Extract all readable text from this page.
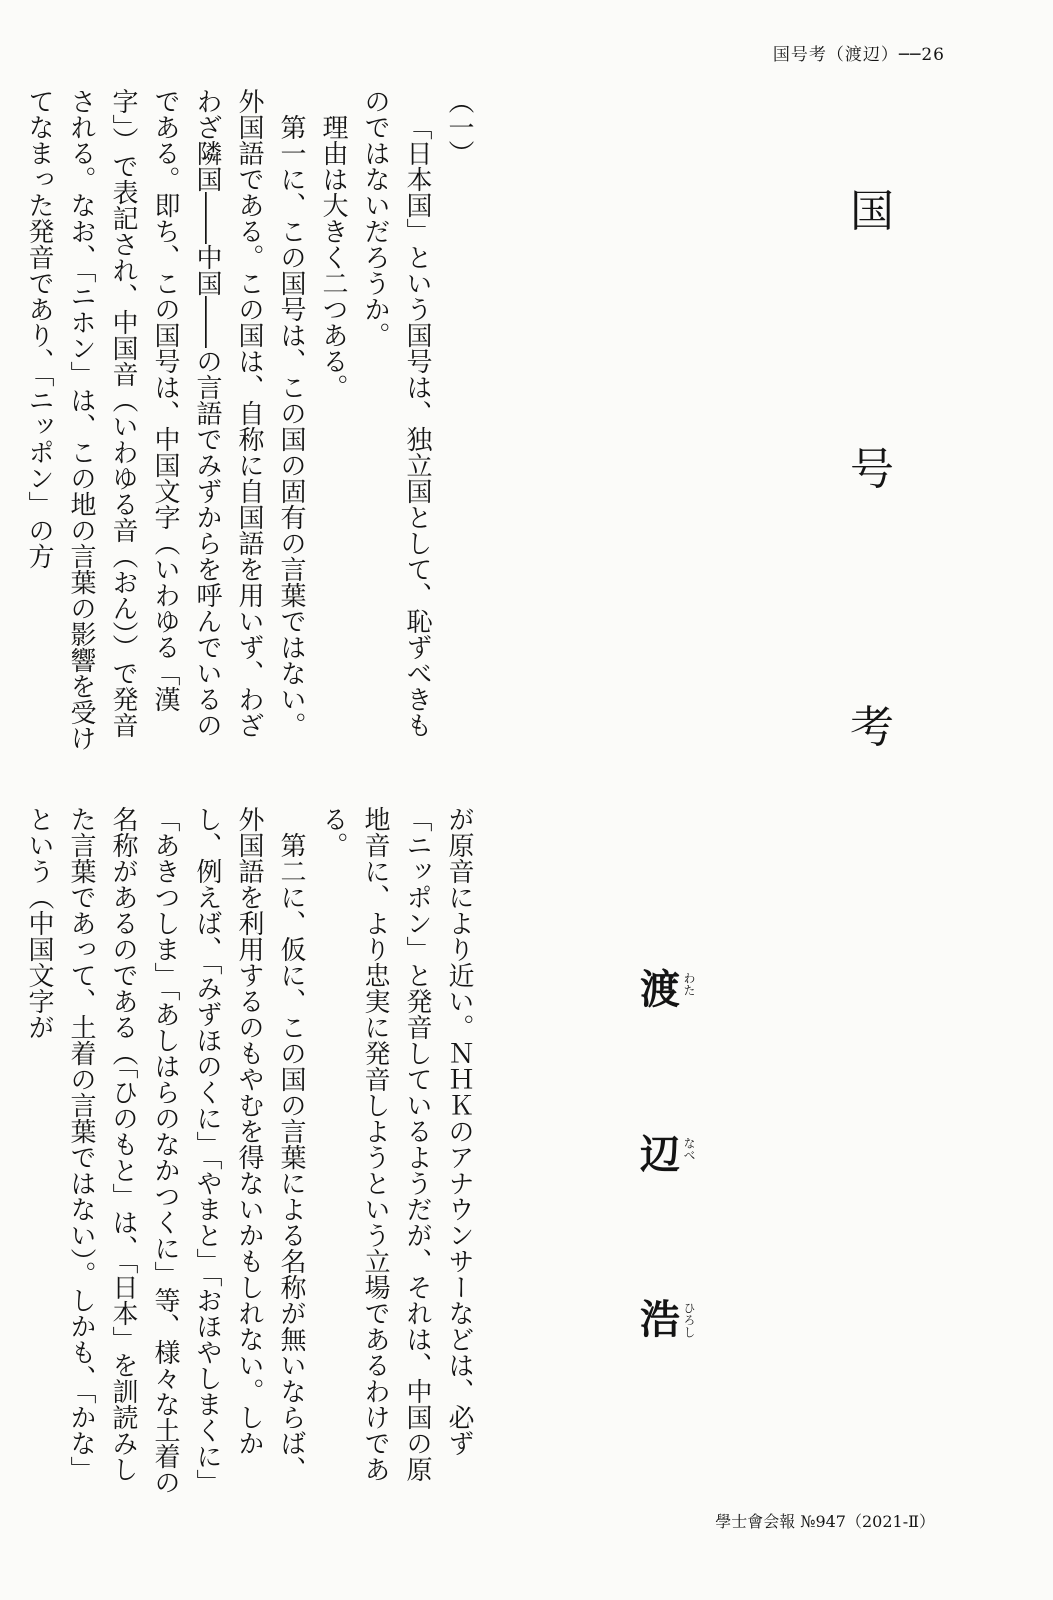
国号考（渡辺）──26
国
号
考
渡 わた
辺 なべ
浩 ひろし

（一）

「日本国」という国号は、独立国として、恥ずべきものではないだろうか。

理由は大きく二つある。

第一に、この国号は、この国の固有の言葉ではない。外国語である。この国は、自称に自国語を用いず、わざわざ隣国――中国――の言語でみずからを呼んでいるのである。即ち、この国号は、中国文字（いわゆる「漢字」）で表記され、中国音（いわゆる音（おん））で発音される。なお、「ニホン」は、この地の言葉の影響を受けてなまった発音であり、「ニッポン」の方

が原音により近い。ＮＨＫのアナウンサーなどは、必ず「ニッポン」と発音しているようだが、それは、中国の原地音に、より忠実に発音しようという立場であるわけである。

第二に、仮に、この国の言葉による名称が無いならば、外国語を利用するのもやむを得ないかもしれない。しかし、例えば、「みずほのくに」「やまと」「おほやしまくに」「あきつしま」「あしはらのなかつくに」等、様々な土着の名称があるのである（「ひのもと」は、「日本」を訓読みした言葉であって、土着の言葉ではない）。しかも、「かな」という（中国文字が

學士會会報 №947（2021-Ⅱ）
